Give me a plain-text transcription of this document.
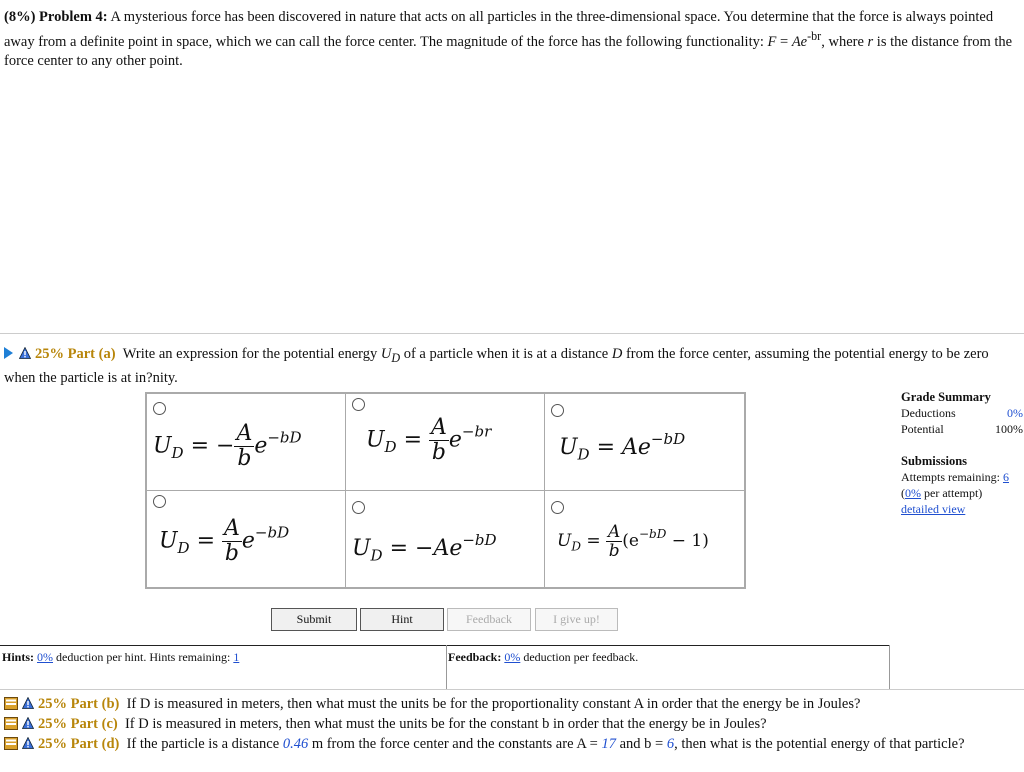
(8%) Problem 4: A mysterious force has been discovered in nature that acts on all particles in the three-dimensional space. You determine that the force is always pointed away from a definite point in space, which we can call the force center. The magnitude of the force has the following functionality: $F = Ae^{-br}$, where r is the distance from the force center to any other point.
25% Part (a) Write an expression for the potential energy $U_D$ of a particle when it is at a distance D from the force center, assuming the potential energy to be zero when the particle is at in?nity.
$U_D$ = − $\frac{A}{b} e^{-bD}$	$U_D = \frac{A}{b} e^{-br}$
$U_D = Ae^{-bD}$
$U_D = \frac{A}{b} e^{-bD}$
$U_D = -Ae^{-bD}$	$U_D = \frac{A}{b} (e^{-bD} - 1)$
Grade Summary
Deductions	0%
Potential	100%
Submissions
Attempts remaining: 6
(0% per attempt)
detailed view
Submit	Hint	Feedback	I give up!
Hints: 0% deduction per hint. Hints remaining: 1	Feedback: 0% deduction per feedback.
25% Part (b) If D is measured in meters, then what must the units be for the proportionality constant A in order that the energy be in Joules?
25% Part (c) If D is measured in meters, then what must the units be for the constant b in order that the energy be in Joules?
25% Part (d) If the particle is a distance 0.46 m from the force center and the constants are A = 17 and b = 6, then what is the potential energy of that particle?
